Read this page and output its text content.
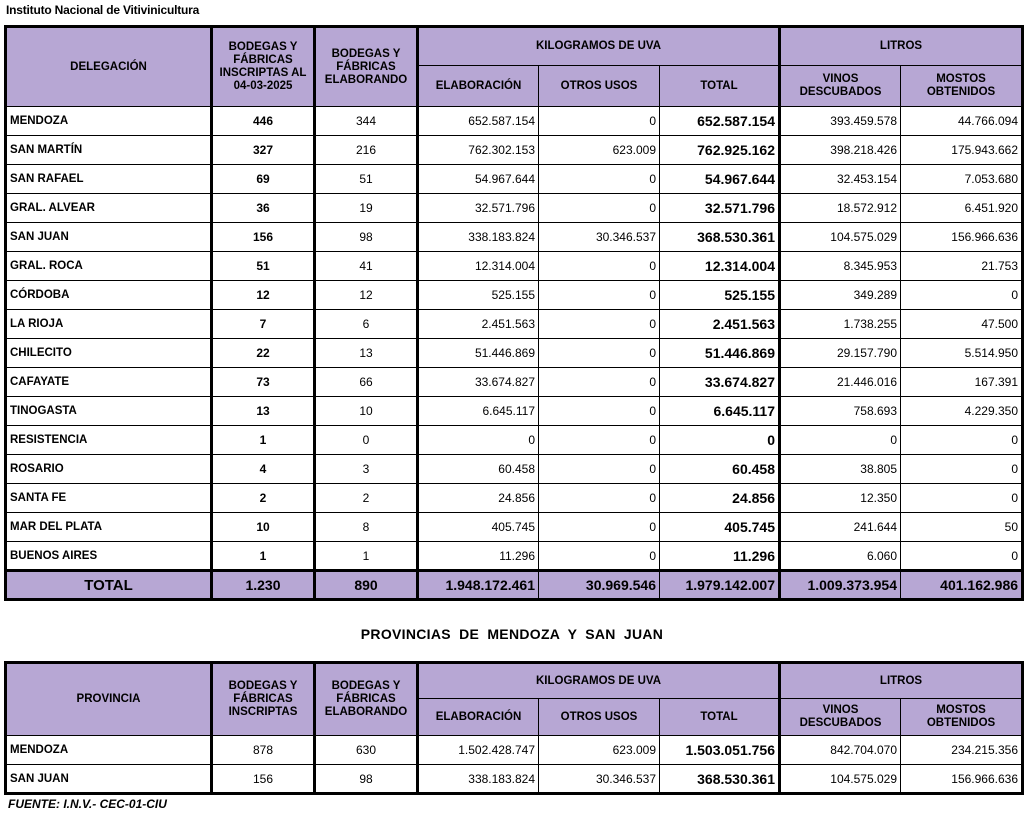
Instituto Nacional de Vitivinicultura
DELEGACIÓN	BODEGAS Y FÁBRICAS INSCRIPTAS AL 04-03-2025	BODEGAS Y FÁBRICAS ELABORANDO	KILOGRAMOS DE UVA			LITROS	
			ELABORACIÓN	OTROS USOS	TOTAL	VINOS DESCUBADOS	MOSTOS OBTENIDOS
MENDOZA	446	344	652.587.154	0	652.587.154	393.459.578	44.766.094
SAN MARTÍN	327	216	762.302.153	623.009	762.925.162	398.218.426	175.943.662
SAN RAFAEL	69	51	54.967.644	0	54.967.644	32.453.154	7.053.680
GRAL. ALVEAR	36	19	32.571.796	0	32.571.796	18.572.912	6.451.920
SAN JUAN	156	98	338.183.824	30.346.537	368.530.361	104.575.029	156.966.636
GRAL. ROCA	51	41	12.314.004	0	12.314.004	8.345.953	21.753
CÓRDOBA	12	12	525.155	0	525.155	349.289	0
LA RIOJA	7	6	2.451.563	0	2.451.563	1.738.255	47.500
CHILECITO	22	13	51.446.869	0	51.446.869	29.157.790	5.514.950
CAFAYATE	73	66	33.674.827	0	33.674.827	21.446.016	167.391
TINOGASTA	13	10	6.645.117	0	6.645.117	758.693	4.229.350
RESISTENCIA	1	0	0	0	0	0	0
ROSARIO	4	3	60.458	0	60.458	38.805	0
SANTA FE	2	2	24.856	0	24.856	12.350	0
MAR DEL PLATA	10	8	405.745	0	405.745	241.644	50
BUENOS AIRES	1	1	11.296	0	11.296	6.060	0
TOTAL	1.230	890	1.948.172.461	30.969.546	1.979.142.007	1.009.373.954	401.162.986
PROVINCIAS DE MENDOZA Y SAN JUAN
PROVINCIA	BODEGAS Y FÁBRICAS INSCRIPTAS	BODEGAS Y FÁBRICAS ELABORANDO	KILOGRAMOS DE UVA			LITROS	
			ELABORACIÓN	OTROS USOS	TOTAL	VINOS DESCUBADOS	MOSTOS OBTENIDOS
MENDOZA	878	630	1.502.428.747	623.009	1.503.051.756	842.704.070	234.215.356
SAN JUAN	156	98	338.183.824	30.346.537	368.530.361	104.575.029	156.966.636
FUENTE: I.N.V.- CEC-01-CIU
